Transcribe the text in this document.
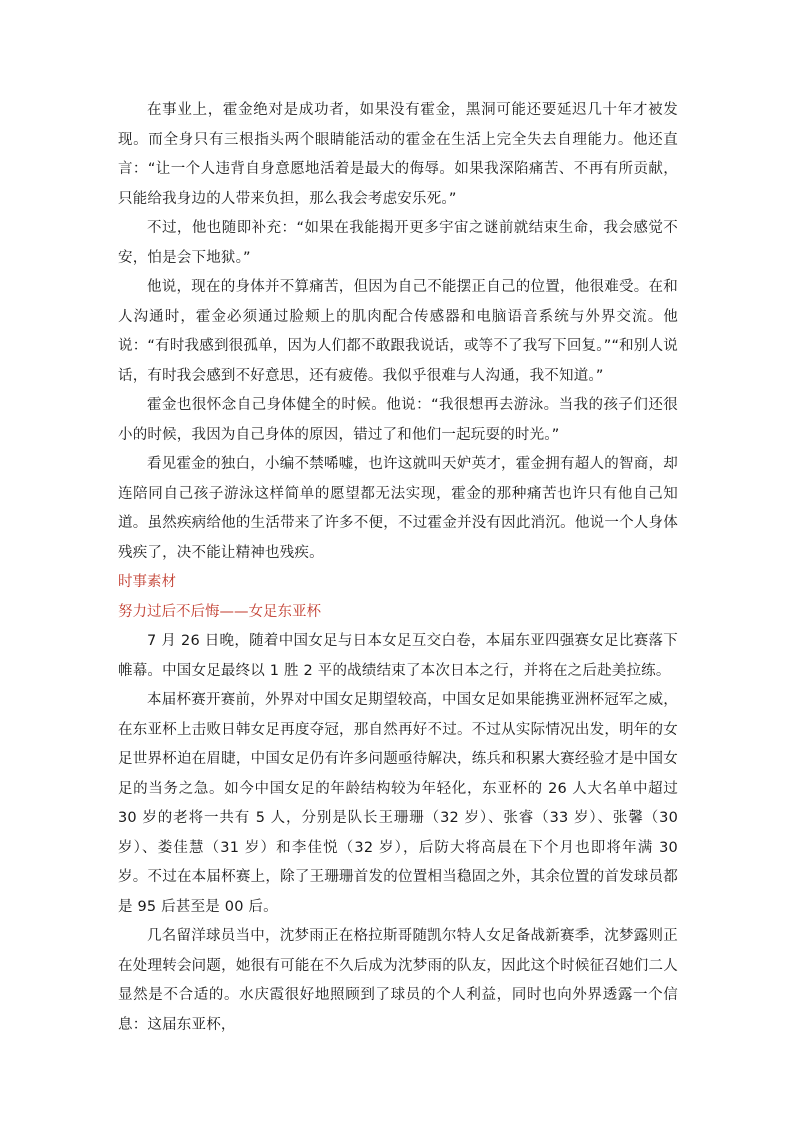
在事业上，霍金绝对是成功者，如果没有霍金，黑洞可能还要延迟几十年才被发现。而全身只有三根指头两个眼睛能活动的霍金在生活上完全失去自理能力。他还直言：“让一个人违背自身意愿地活着是最大的侮辱。如果我深陷痛苦、不再有所贡献，只能给我身边的人带来负担，那么我会考虑安乐死。”

不过，他也随即补充：“如果在我能揭开更多宇宙之谜前就结束生命，我会感觉不安，怕是会下地狱。”

他说，现在的身体并不算痛苦，但因为自己不能摆正自己的位置，他很难受。在和人沟通时，霍金必须通过脸颊上的肌肉配合传感器和电脑语音系统与外界交流。他说：“有时我感到很孤单，因为人们都不敢跟我说话，或等不了我写下回复。”“和别人说话，有时我会感到不好意思，还有疲倦。我似乎很难与人沟通，我不知道。”

霍金也很怀念自己身体健全的时候。他说：“我很想再去游泳。当我的孩子们还很小的时候，我因为自己身体的原因，错过了和他们一起玩耍的时光。”

看见霍金的独白，小编不禁唏嘘，也许这就叫天妒英才，霍金拥有超人的智商，却连陪同自己孩子游泳这样简单的愿望都无法实现，霍金的那种痛苦也许只有他自己知道。虽然疾病给他的生活带来了许多不便，不过霍金并没有因此消沉。他说一个人身体残疾了，决不能让精神也残疾。

时事素材

努力过后不后悔——女足东亚杯

7 月 26 日晚，随着中国女足与日本女足互交白卷，本届东亚四强赛女足比赛落下帷幕。中国女足最终以 1 胜 2 平的战绩结束了本次日本之行，并将在之后赴美拉练。

本届杯赛开赛前，外界对中国女足期望较高，中国女足如果能携亚洲杯冠军之威，在东亚杯上击败日韩女足再度夺冠，那自然再好不过。不过从实际情况出发，明年的女足世界杯迫在眉睫，中国女足仍有许多问题亟待解决，练兵和积累大赛经验才是中国女足的当务之急。如今中国女足的年龄结构较为年轻化，东亚杯的 26 人大名单中超过 30 岁的老将一共有 5 人，分别是队长王珊珊（32 岁）、张睿（33 岁）、张馨（30 岁）、娄佳慧（31 岁）和李佳悦（32 岁），后防大将高晨在下个月也即将年满 30 岁。不过在本届杯赛上，除了王珊珊首发的位置相当稳固之外，其余位置的首发球员都是 95 后甚至是 00 后。

几名留洋球员当中，沈梦雨正在格拉斯哥随凯尔特人女足备战新赛季，沈梦露则正在处理转会问题，她很有可能在不久后成为沈梦雨的队友，因此这个时候征召她们二人显然是不合适的。水庆霞很好地照顾到了球员的个人利益，同时也向外界透露一个信息：这届东亚杯，
